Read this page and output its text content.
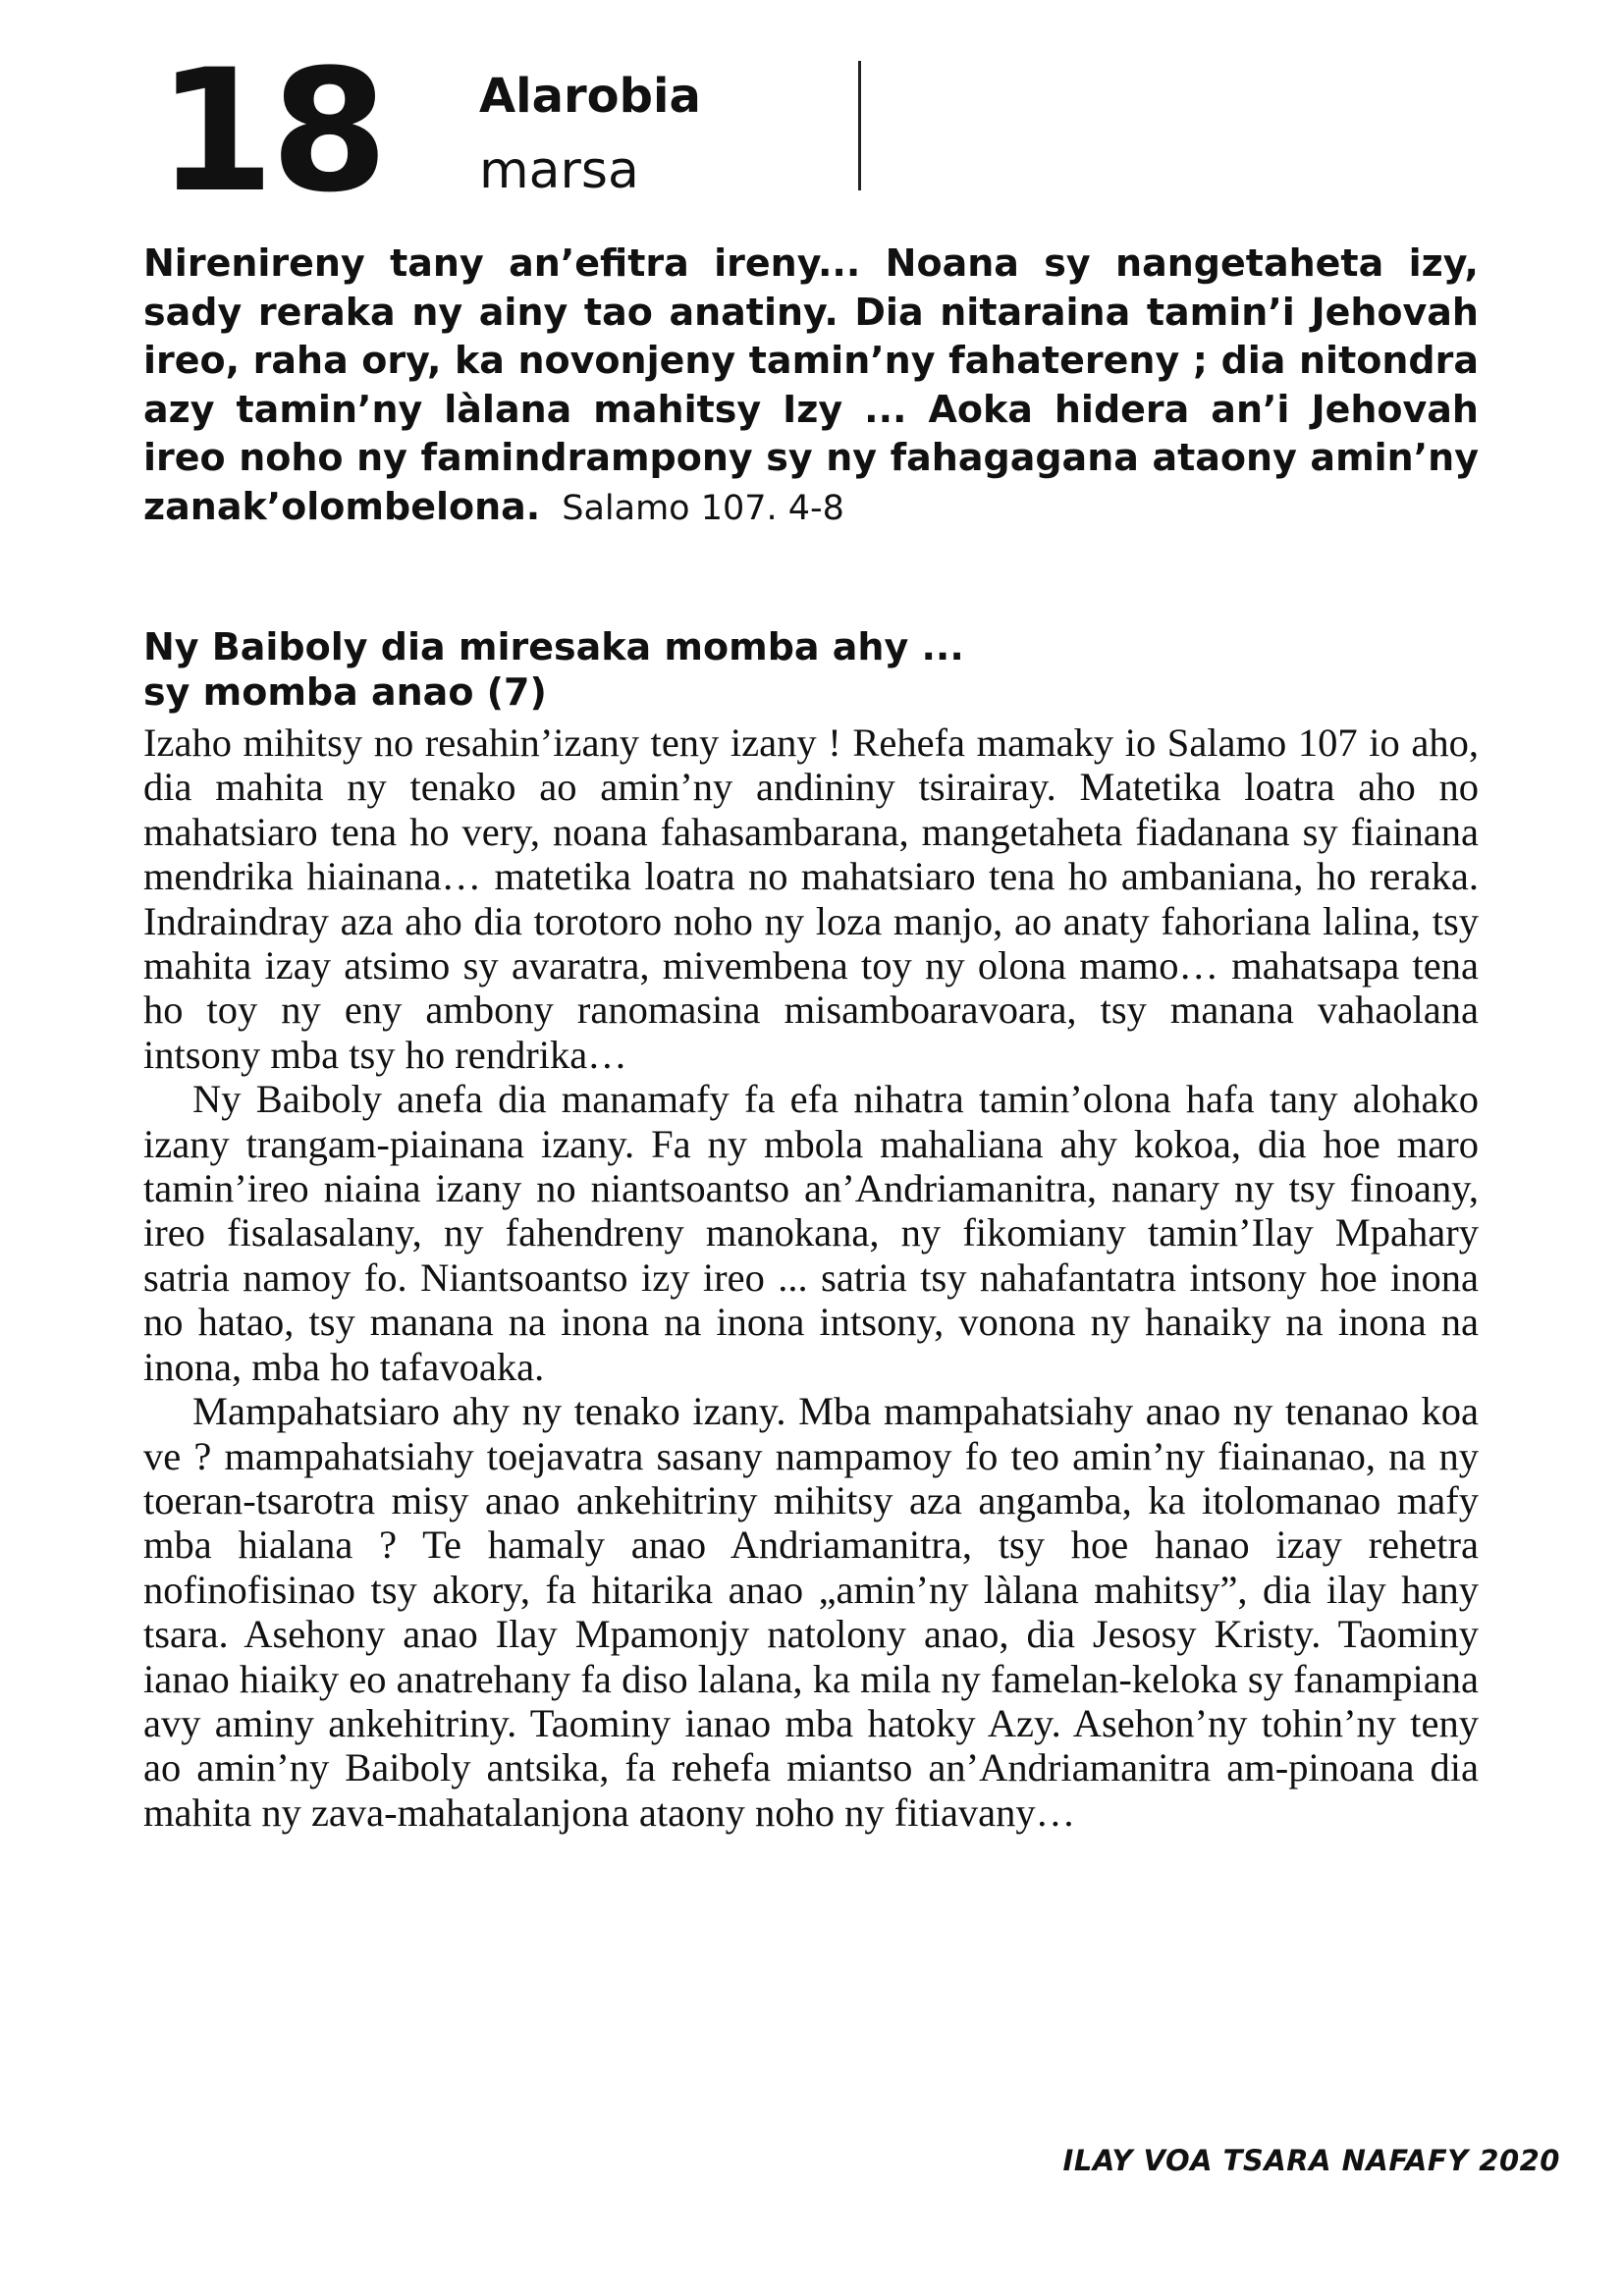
18 Alarobia
marsa
Nirenireny tany an’efitra ireny... Noana sy nangetaheta izy, sady reraka ny ainy tao anatiny. Dia nitaraina tamin’i Jehovah ireo, raha ory, ka novonjeny tamin’ny fahatereny ; dia nitondra azy tamin’ny làlana mahitsy Izy ... Aoka hidera an’i Jehovah ireo noho ny famindrampony sy ny fahagagana ataony amin’ny zanak’olombelona. Salamo 107. 4-8
Ny Baiboly dia miresaka momba ahy ...
sy momba anao (7)

Izaho mihitsy no resahin’izany teny izany ! Rehefa mamaky io Salamo 107 io aho, dia mahita ny tenako ao amin’ny andininy tsirairay. Matetika loatra aho no mahatsiaro tena ho very, noana fahasambarana, mangetaheta fiadanana sy fiainana mendrika hiainana… matetika loatra no mahatsiaro tena ho ambaniana, ho reraka. Indraindray aza aho dia torotoro noho ny loza manjo, ao anaty fahoriana lalina, tsy mahita izay atsimo sy avaratra, mivembena toy ny olona mamo… mahatsapa tena ho toy ny eny ambony ranomasina misamboaravoara, tsy manana vahaolana intsony mba tsy ho rendrika…

Ny Baiboly anefa dia manamafy fa efa nihatra tamin’olona hafa tany alohako izany trangam-piainana izany. Fa ny mbola mahaliana ahy kokoa, dia hoe maro tamin’ireo niaina izany no niantsoantso an’Andriamanitra, nanary ny tsy finoany, ireo fisalasalany, ny fahendreny manokana, ny fikomiany tamin’Ilay Mpahary satria namoy fo. Niantsoantso izy ireo ... satria tsy nahafantatra intsony hoe inona no hatao, tsy manana na inona na inona intsony, vonona ny hanaiky na inona na inona, mba ho tafavoaka.

Mampahatsiaro ahy ny tenako izany. Mba mampahatsiahy anao ny tenanao koa ve ? mampahatsiahy toejavatra sasany nampamoy fo teo amin’ny fiainanao, na ny toeran-tsarotra misy anao ankehitriny mihitsy aza angamba, ka itolomanao mafy mba hialana ? Te hamaly anao Andriamanitra, tsy hoe hanao izay rehetra nofinofisinao tsy akory, fa hitarika anao „amin’ny làlana mahitsy”, dia ilay hany tsara. Asehony anao Ilay Mpamonjy natolony anao, dia Jesosy Kristy. Taominy ianao hiaiky eo anatrehany fa diso lalana, ka mila ny famelan-keloka sy fanampiana avy aminy ankehitriny. Taominy ianao mba hatoky Azy. Asehon’ny tohin’ny teny ao amin’ny Baiboly antsika, fa rehefa miantso an’Andriamanitra am-pinoana dia mahita ny zava-mahatalanjona ataony noho ny fitiavany…

ILAY VOA TSARA NAFAFY 2020
